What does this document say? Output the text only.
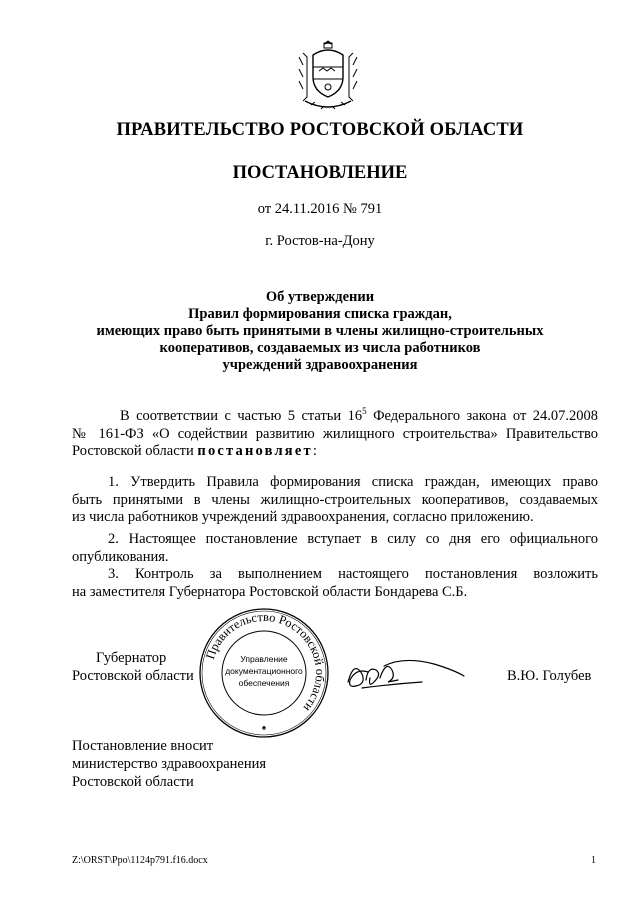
ПРАВИТЕЛЬСТВО РОСТОВСКОЙ ОБЛАСТИ
ПОСТАНОВЛЕНИЕ
от 24.11.2016 № 791
г. Ростов-на-Дону
Об утверждении
Правил формирования списка граждан,
имеющих право быть принятыми в члены жилищно-строительных
кооперативов, создаваемых из числа работников
учреждений здравоохранения
В соответствии с частью 5 статьи $16^5$ Федерального закона от 24.07.2008
№ 161-ФЗ «О содействии развитию жилищного строительства» Правительство
Ростовской области постановляет:
1. Утвердить Правила формирования списка граждан, имеющих право
быть принятыми в члены жилищно-строительных кооперативов, создаваемых
из числа работников учреждений здравоохранения, согласно приложению.
2. Настоящее постановление вступает в силу со дня его официального
опубликования.
3. Контроль за выполнением настоящего постановления возложить
на заместителя Губернатора Ростовской области Бондарева С.Б.
Губернатор
Ростовской области
Правительство Ростовской области
Управление
документационного
обеспечения
♠
В.Ю. Голубев
Постановление вносит
министерство здравоохранения
Ростовской области
Z:\ORST\Ppo\1124p791.f16.docx	1
